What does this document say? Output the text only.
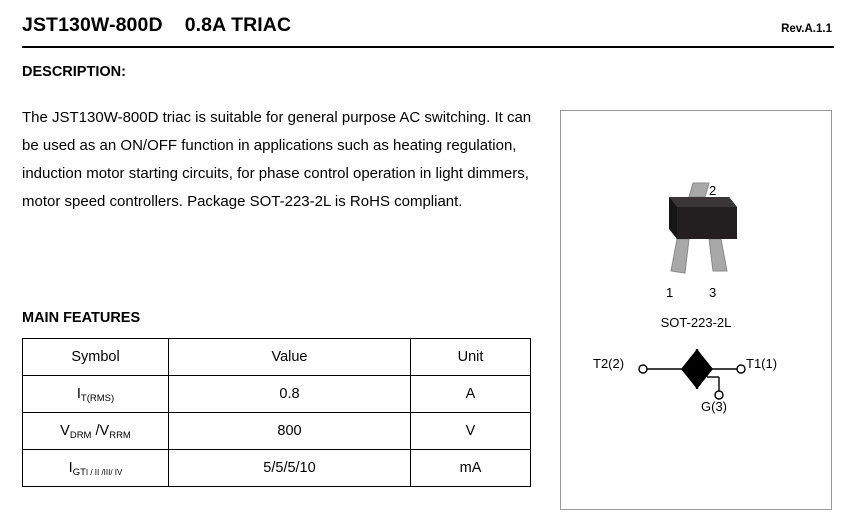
JST130W-800D    0.8A TRIAC	Rev.A.1.1
DESCRIPTION:
The JST130W-800D triac is suitable for general purpose AC switching. It can be used as an ON/OFF function in applications such as heating regulation, induction motor starting circuits, for phase control operation in light dimmers, motor speed controllers. Package SOT-223-2L is RoHS compliant.
MAIN FEATURES
Symbol	Value	Unit
$I_{T(RMS)}$	0.8	A
$V_{DRM}$ $/V_{RRM}$	800	V
$I_{GTI / II /III/ IV}$	5/5/5/10	mA
1
2
3
SOT-223-2L
T2(2)	T1(1)
G(3)
